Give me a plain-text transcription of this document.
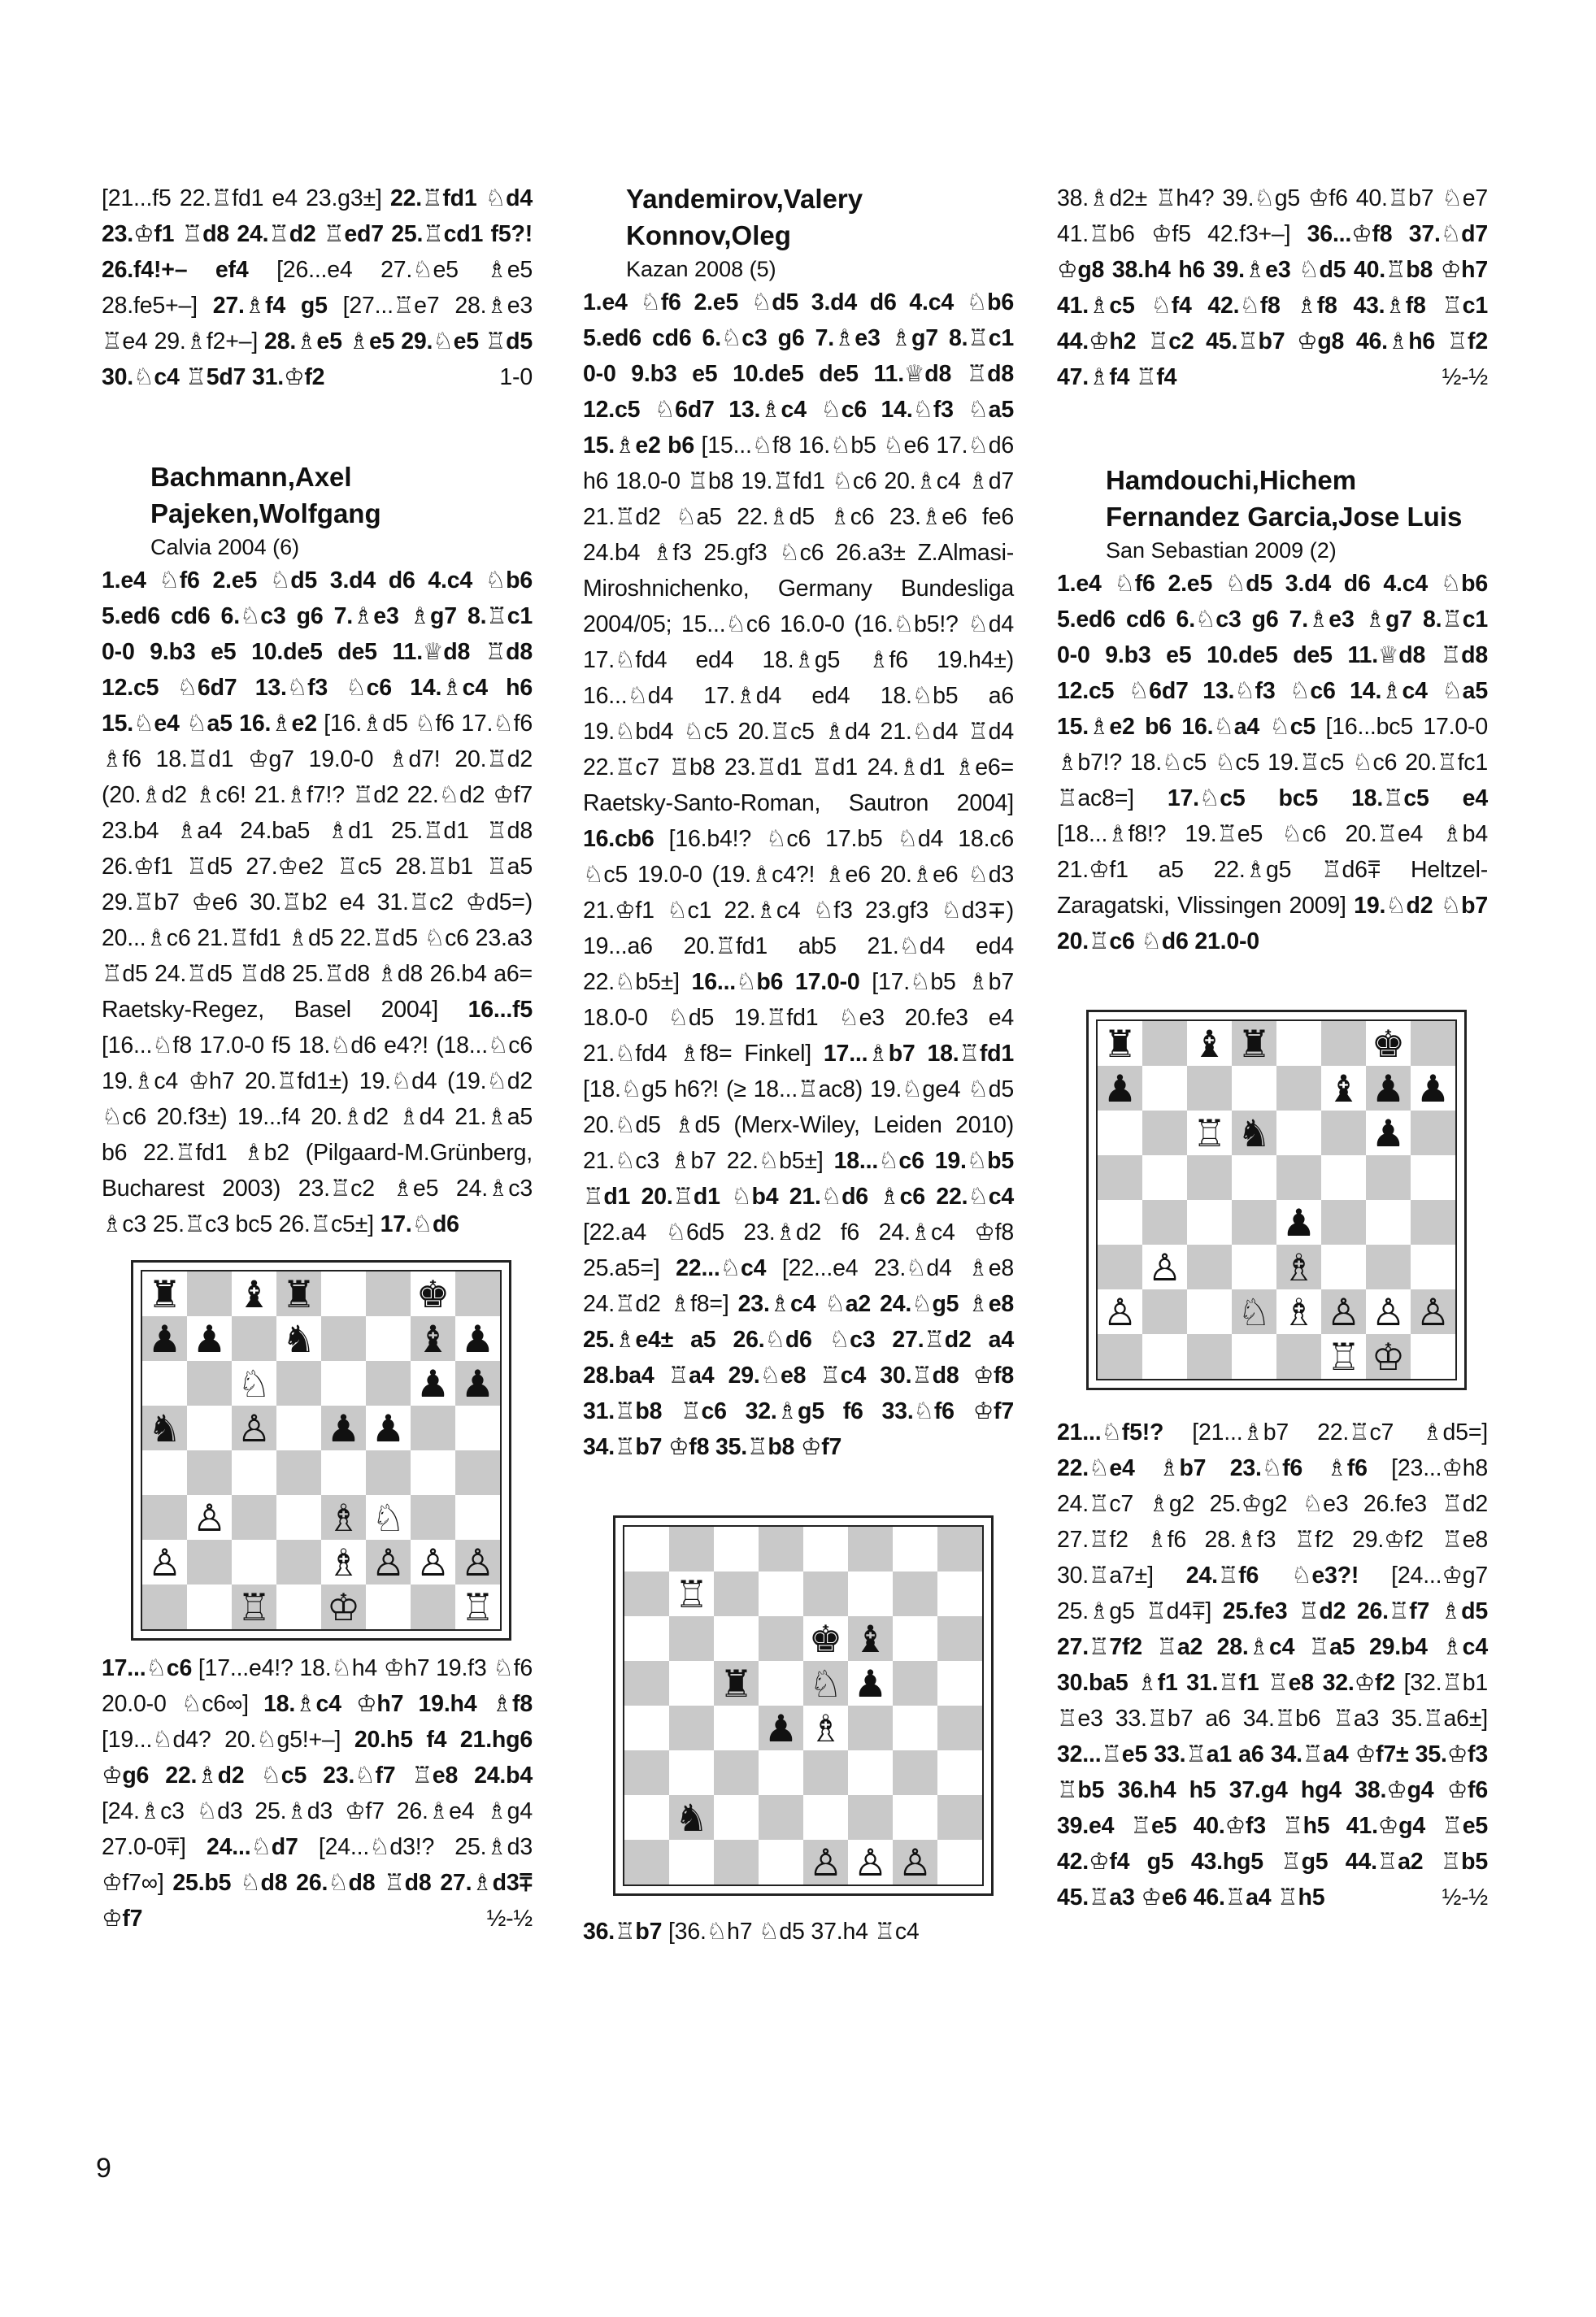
[21...f5 22.♖fd1 e4 23.g3±] 22.♖fd1 ♘d4 23.♔f1 ♖d8 24.♖d2 ♖ed7 25.♖cd1 f5?! 26.f4!+– ef4 [26...e4 27.♘e5 ♗e5 28.fe5+–] 27.♗f4 g5 [27...♖e7 28.♗e3 ♖e4 29.♗f2+–] 28.♗e5 ♗e5 29.♘e5 ♖d5 30.♘c4 ♖5d7 31.♔f2	1-0

Bachmann,Axel
Pajeken,Wolfgang
Calvia 2004 (6)

1.e4 ♘f6 2.e5 ♘d5 3.d4 d6 4.c4 ♘b6 5.ed6 cd6 6.♘c3 g6 7.♗e3 ♗g7 8.♖c1 0-0 9.b3 e5 10.de5 de5 11.♕d8 ♖d8 12.c5 ♘6d7 13.♘f3 ♘c6 14.♗c4 h6 15.♘e4 ♘a5 16.♗e2 [16.♗d5 ♘f6 17.♘f6 ♗f6 18.♖d1 ♔g7 19.0-0 ♗d7! 20.♖d2 (20.♗d2 ♗c6! 21.♗f7!? ♖d2 22.♘d2 ♔f7 23.b4 ♗a4 24.ba5 ♗d1 25.♖d1 ♖d8 26.♔f1 ♖d5 27.♔e2 ♖c5 28.♖b1 ♖a5 29.♖b7 ♔e6 30.♖b2 e4 31.♖c2 ♔d5=) 20...♗c6 21.♖fd1 ♗d5 22.♖d5 ♘c6 23.a3 ♖d5 24.♖d5 ♖d8 25.♖d8 ♗d8 26.b4 a6= Raetsky-Regez, Basel 2004] 16...f5 [16...♘f8 17.0-0 f5 18.♘d6 e4?! (18...♘c6 19.♗c4 ♔h7 20.♖fd1±) 19.♘d4 (19.♘d2 ♘c6 20.f3±) 19...f4 20.♗d2 ♗d4 21.♗a5 b6 22.♖fd1 ♗b2 (Pilgaard-M.Grünberg, Bucharest 2003) 23.♖c2 ♗e5 24.♗c3 ♗c3 25.♖c3 bc5 26.♖c5±] 17.♘d6

♜ ♝ ♜	♚
♟ ♟ ♞	♝ ♟
♘	♟ ♟
♞ ♙ ♟ ♟
♙	♗ ♘
♙	♗ ♙ ♙ ♙
♖ ♔	♖

17...♘c6 [17...e4!? 18.♘h4 ♔h7 19.f3 ♘f6 20.0-0 ♘c6∞] 18.♗c4 ♔h7 19.h4 ♗f8 [19...♘d4? 20.♘g5!+–] 20.h5 f4 21.hg6 ♔g6 22.♗d2 ♘c5 23.♘f7 ♖e8 24.b4 [24.♗c3 ♘d3 25.♗d3 ♔f7 26.♗e4 ♗g4 27.0-0⩱] 24...♘d7 [24...♘d3!? 25.♗d3 ♔f7∞] 25.b5 ♘d8 26.♘d8 ♖d8 27.♗d3⩱ ♔f7	½-½

Yandemirov,Valery
Konnov,Oleg
Kazan 2008 (5)

1.e4 ♘f6 2.e5 ♘d5 3.d4 d6 4.c4 ♘b6 5.ed6 cd6 6.♘c3 g6 7.♗e3 ♗g7 8.♖c1 0-0 9.b3 e5 10.de5 de5 11.♕d8 ♖d8 12.c5 ♘6d7 13.♗c4 ♘c6 14.♘f3 ♘a5 15.♗e2 b6 [15...♘f8 16.♘b5 ♘e6 17.♘d6 h6 18.0-0 ♖b8 19.♖fd1 ♘c6 20.♗c4 ♗d7 21.♖d2 ♘a5 22.♗d5 ♗c6 23.♗e6 fe6 24.b4 ♗f3 25.gf3 ♘c6 26.a3± Z.Almasi-Miroshnichenko, Germany Bundesliga 2004/05; 15...♘c6 16.0-0 (16.♘b5!? ♘d4 17.♘fd4 ed4 18.♗g5 ♗f6 19.h4±) 16...♘d4 17.♗d4 ed4 18.♘b5 a6 19.♘bd4 ♘c5 20.♖c5 ♗d4 21.♘d4 ♖d4 22.♖c7 ♖b8 23.♖d1 ♖d1 24.♗d1 ♗e6= Raetsky-Santo-Roman, Sautron 2004] 16.cb6 [16.b4!? ♘c6 17.b5 ♘d4 18.c6 ♘c5 19.0-0 (19.♗c4?! ♗e6 20.♗e6 ♘d3 21.♔f1 ♘c1 22.♗c4 ♘f3 23.gf3 ♘d3∓) 19...a6 20.♖fd1 ab5 21.♘d4 ed4 22.♘b5±] 16...♘b6 17.0-0 [17.♘b5 ♗b7 18.0-0 ♘d5 19.♖fd1 ♘e3 20.fe3 e4 21.♘fd4 ♗f8= Finkel] 17...♗b7 18.♖fd1 [18.♘g5 h6?! (≥ 18...♖ac8) 19.♘ge4 ♘d5 20.♘d5 ♗d5 (Merx-Wiley, Leiden 2010) 21.♘c3 ♗b7 22.♘b5±] 18...♘c6 19.♘b5 ♖d1 20.♖d1 ♘b4 21.♘d6 ♗c6 22.♘c4 [22.a4 ♘6d5 23.♗d2 f6 24.♗c4 ♔f8 25.a5=] 22...♘c4 [22...e4 23.♘d4 ♗e8 24.♖d2 ♗f8=] 23.♗c4 ♘a2 24.♘g5 ♗e8 25.♗e4± a5 26.♘d6 ♘c3 27.♖d2 a4 28.ba4 ♖a4 29.♘e8 ♖c4 30.♖d8 ♔f8 31.♖b8 ♖c6 32.♗g5 f6 33.♘f6 ♔f7 34.♖b7 ♔f8 35.♖b8 ♔f7

♖
♚ ♝
♜ ♘ ♟
♟ ♗
♞
♙ ♙ ♙

36.♖b7 [36.♘h7 ♘d5 37.h4 ♖c4

38.♗d2± ♖h4? 39.♘g5 ♔f6 40.♖b7 ♘e7 41.♖b6 ♔f5 42.f3+–] 36...♔f8 37.♘d7 ♔g8 38.h4 h6 39.♗e3 ♘d5 40.♖b8 ♔h7 41.♗c5 ♘f4 42.♘f8 ♗f8 43.♗f8 ♖c1 44.♔h2 ♖c2 45.♖b7 ♔g8 46.♗h6 ♖f2 47.♗f4 ♖f4	½-½

Hamdouchi,Hichem
Fernandez Garcia,Jose Luis
San Sebastian 2009 (2)

1.e4 ♘f6 2.e5 ♘d5 3.d4 d6 4.c4 ♘b6 5.ed6 cd6 6.♘c3 g6 7.♗e3 ♗g7 8.♖c1 0-0 9.b3 e5 10.de5 de5 11.♕d8 ♖d8 12.c5 ♘6d7 13.♘f3 ♘c6 14.♗c4 ♘a5 15.♗e2 b6 16.♘a4 ♘c5 [16...bc5 17.0-0 ♗b7!? 18.♘c5 ♘c5 19.♖c5 ♘c6 20.♖fc1 ♖ac8=] 17.♘c5 bc5 18.♖c5 e4 [18...♗f8!? 19.♖e5 ♘c6 20.♖e4 ♗b4 21.♔f1 a5 22.♗g5 ♖d6⩱ Heltzel-Zaragatski, Vlissingen 2009] 19.♘d2 ♘b7 20.♖c6 ♘d6 21.0-0

♜ ♝ ♜	♚
♟	♝ ♟ ♟
♖ ♞	♟
♟
♙	♗
♙	♘ ♗ ♙ ♙ ♙
♖ ♔

21...♘f5!? [21...♗b7 22.♖c7 ♗d5=] 22.♘e4 ♗b7 23.♘f6 ♗f6 [23...♔h8 24.♖c7 ♗g2 25.♔g2 ♘e3 26.fe3 ♖d2 27.♖f2 ♗f6 28.♗f3 ♖f2 29.♔f2 ♖e8 30.♖a7±] 24.♖f6 ♘e3?! [24...♔g7 25.♗g5 ♖d4⩱] 25.fe3 ♖d2 26.♖f7 ♗d5 27.♖7f2 ♖a2 28.♗c4 ♖a5 29.b4 ♗c4 30.ba5 ♗f1 31.♖f1 ♖e8 32.♔f2 [32.♖b1 ♖e3 33.♖b7 a6 34.♖b6 ♖a3 35.♖a6±] 32...♖e5 33.♖a1 a6 34.♖a4 ♔f7± 35.♔f3 ♖b5 36.h4 h5 37.g4 hg4 38.♔g4 ♔f6 39.e4 ♖e5 40.♔f3 ♖h5 41.♔g4 ♖e5 42.♔f4 g5 43.hg5 ♖g5 44.♖a2 ♖b5 45.♖a3 ♔e6 46.♖a4 ♖h5	½-½

9
